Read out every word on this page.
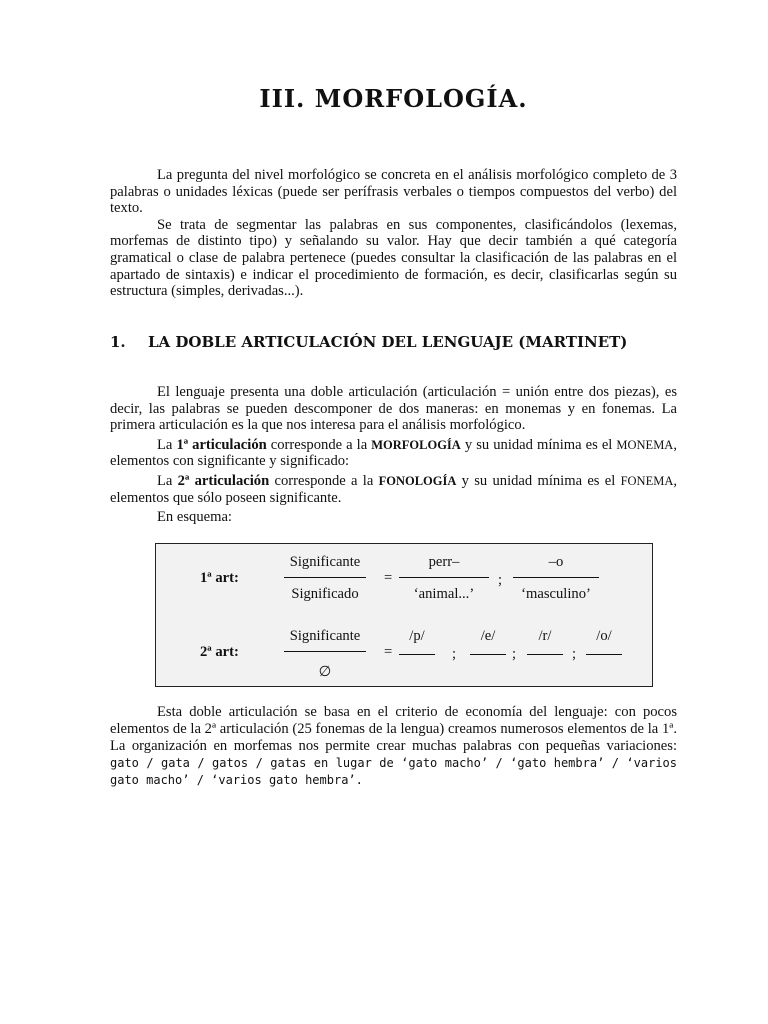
III. MORFOLOGÍA.

La pregunta del nivel morfológico se concreta en el análisis morfológico completo de 3 palabras o unidades léxicas (puede ser perífrasis verbales o tiempos compuestos del verbo) del texto.

Se trata de segmentar las palabras en sus componentes, clasificándolos (lexemas, morfemas de distinto tipo) y señalando su valor. Hay que decir también a qué categoría gramatical o clase de palabra pertenece (puedes consultar la clasificación de las palabras en el apartado de sintaxis) e indicar el procedimiento de formación, es decir, clasificarlas según su estructura (simples, derivadas...).

1. LA DOBLE ARTICULACIÓN DEL LENGUAJE (MARTINET)

El lenguaje presenta una doble articulación (articulación = unión entre dos piezas), es decir, las palabras se pueden descomponer de dos maneras: en monemas y en fonemas. La primera articulación es la que nos interesa para el análisis morfológico.

La 1ª articulación corresponde a la MORFOLOGÍA y su unidad mínima es el MONEMA, elementos con significante y significado:

La 2ª articulación corresponde a la FONOLOGÍA y su unidad mínima es el FONEMA, elementos que sólo poseen significante.

En esquema:

1ª art:
Significante
Significado
=
perr–
‘animal...’
;
–o
‘masculino’
2ª art:
Significante
∅
=
/p/
;
/e/
;
/r/
;
/o/

Esta doble articulación se basa en el criterio de economía del lenguaje: con pocos elementos de la 2ª articulación (25 fonemas de la lengua) creamos numerosos elementos de la 1ª. La organización en morfemas nos permite crear muchas palabras con pequeñas variaciones: gato / gata / gatos / gatas en lugar de ‘gato macho’ / ‘gato hembra’ / ‘varios gato macho’ / ‘varios gato hembra’.
